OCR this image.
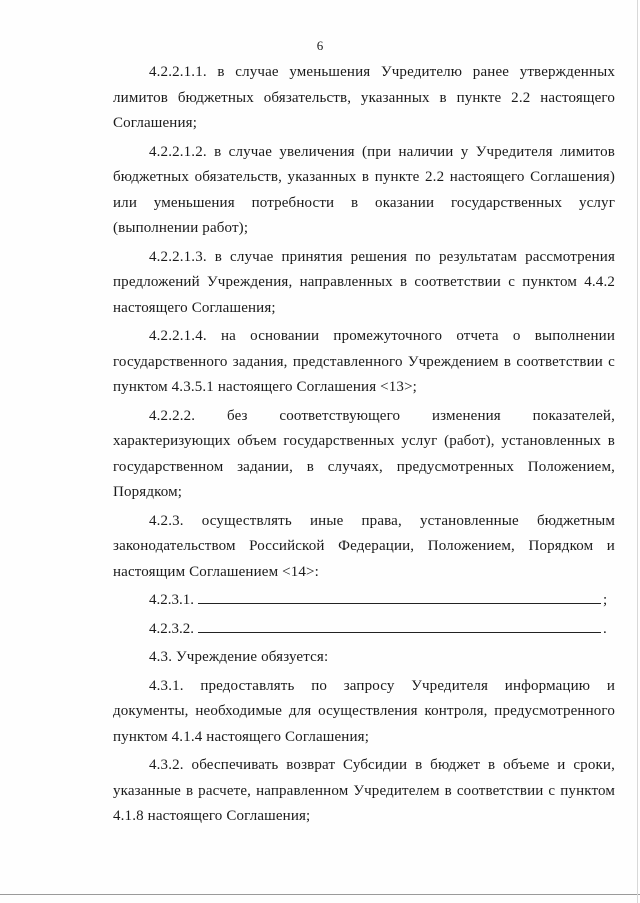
6

4.2.2.1.1. в случае уменьшения Учредителю ранее утвержденных лимитов бюджетных обязательств, указанных в пункте 2.2 настоящего Соглашения;

4.2.2.1.2. в случае увеличения (при наличии у Учредителя лимитов бюджетных обязательств, указанных в пункте 2.2 настоящего Соглашения) или уменьшения потребности в оказании государственных услуг (выполнении работ);

4.2.2.1.3. в случае принятия решения по результатам рассмотрения предложений Учреждения, направленных в соответствии с пунктом 4.4.2 настоящего Соглашения;

4.2.2.1.4. на основании промежуточного отчета о выполнении государственного задания, представленного Учреждением в соответствии с пунктом 4.3.5.1 настоящего Соглашения <13>;

4.2.2.2. без соответствующего изменения показателей, характеризующих объем государственных услуг (работ), установленных в государственном задании, в случаях, предусмотренных Положением, Порядком;

4.2.3. осуществлять иные права, установленные бюджетным законодательством Российской Федерации, Положением, Порядком и настоящим Соглашением <14>:

4.2.3.1.	;
4.2.3.2.	.

4.3. Учреждение обязуется:

4.3.1. предоставлять по запросу Учредителя информацию и документы, необходимые для осуществления контроля, предусмотренного пунктом 4.1.4 настоящего Соглашения;

4.3.2. обеспечивать возврат Субсидии в бюджет в объеме и сроки, указанные в расчете, направленном Учредителем в соответствии с пунктом 4.1.8 настоящего Соглашения;
